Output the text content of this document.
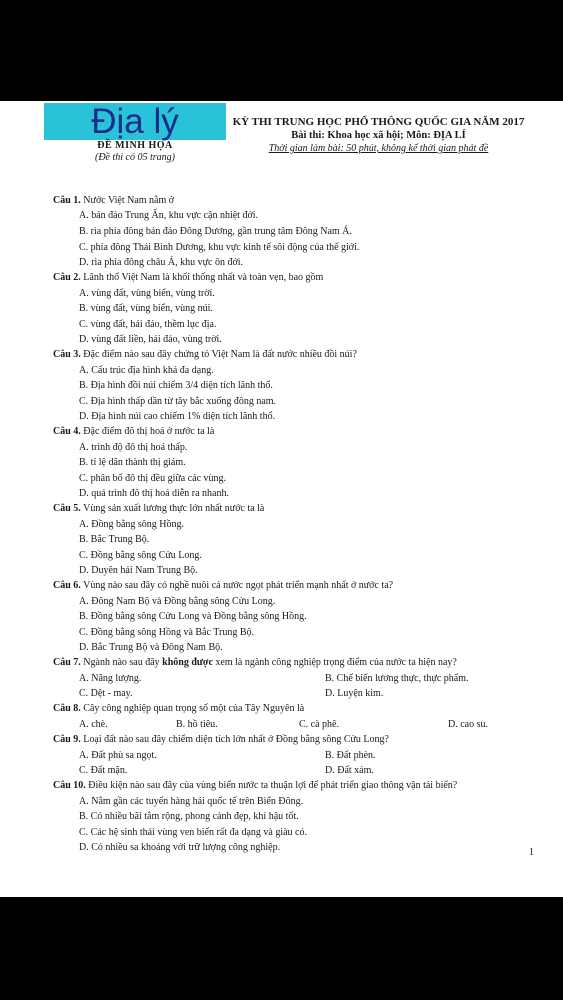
Địa lý
ĐỀ MINH HỌA
(Đề thi có 05 trang)
KỲ THI TRUNG HỌC PHỔ THÔNG QUỐC GIA NĂM 2017
Bài thi: Khoa học xã hội; Môn: ĐỊA LÍ
Thời gian làm bài: 50 phút, không kể thời gian phát đề
Câu 1. Nước Việt Nam nằm ở
A. bán đảo Trung Ấn, khu vực cận nhiệt đới.
B. rìa phía đông bán đảo Đông Dương, gần trung tâm Đông Nam Á.
C. phía đông Thái Bình Dương, khu vực kinh tế sôi động của thế giới.
D. rìa phía đông châu Á, khu vực ôn đới.
Câu 2. Lãnh thổ Việt Nam là khối thống nhất và toàn vẹn, bao gồm
A. vùng đất, vùng biển, vùng trời.
B. vùng đất, vùng biển, vùng núi.
C. vùng đất, hải đảo, thềm lục địa.
D. vùng đất liền, hải đảo, vùng trời.
Câu 3. Đặc điểm nào sau đây chứng tỏ Việt Nam là đất nước nhiều đồi núi?
A. Cấu trúc địa hình khá đa dạng.
B. Địa hình đồi núi chiếm 3/4 diện tích lãnh thổ.
C. Địa hình thấp dần từ tây bắc xuống đông nam.
D. Địa hình núi cao chiếm 1% diện tích lãnh thổ.
Câu 4. Đặc điểm đô thị hoá ở nước ta là
A. trình độ đô thị hoá thấp.
B. tỉ lệ dân thành thị giảm.
C. phân bố đô thị đều giữa các vùng.
D. quá trình đô thị hoá diễn ra nhanh.
Câu 5. Vùng sản xuất lương thực lớn nhất nước ta là
A. Đồng bằng sông Hồng.
B. Bắc Trung Bộ.
C. Đồng bằng sông Cửu Long.
D. Duyên hải Nam Trung Bộ.
Câu 6. Vùng nào sau đây có nghề nuôi cá nước ngọt phát triển mạnh nhất ở nước ta?
A. Đông Nam Bộ và Đồng bằng sông Cửu Long.
B. Đồng bằng sông Cửu Long và Đồng bằng sông Hồng.
C. Đồng bằng sông Hồng và Bắc Trung Bộ.
D. Bắc Trung Bộ và Đông Nam Bộ.
Câu 7. Ngành nào sau đây không được xem là ngành công nghiệp trọng điểm của nước ta hiện nay?
A. Năng lượng.	B. Chế biến lương thực, thực phẩm.
C. Dệt - may.	D. Luyện kim.
Câu 8. Cây công nghiệp quan trọng số một của Tây Nguyên là
A. chè.	B. hồ tiêu.	C. cà phê.	D. cao su.
Câu 9. Loại đất nào sau đây chiếm diện tích lớn nhất ở Đồng bằng sông Cửu Long?
A. Đất phù sa ngọt.	B. Đất phèn.
C. Đất mặn.	D. Đất xám.
Câu 10. Điều kiện nào sau đây của vùng biển nước ta thuận lợi để phát triển giao thông vận tải biển?
A. Nằm gần các tuyến hàng hải quốc tế trên Biển Đông.
B. Có nhiều bãi tắm rộng, phong cảnh đẹp, khí hậu tốt.
C. Các hệ sinh thái vùng ven biển rất đa dạng và giàu có.
D. Có nhiều sa khoáng với trữ lượng công nghiệp.	1
